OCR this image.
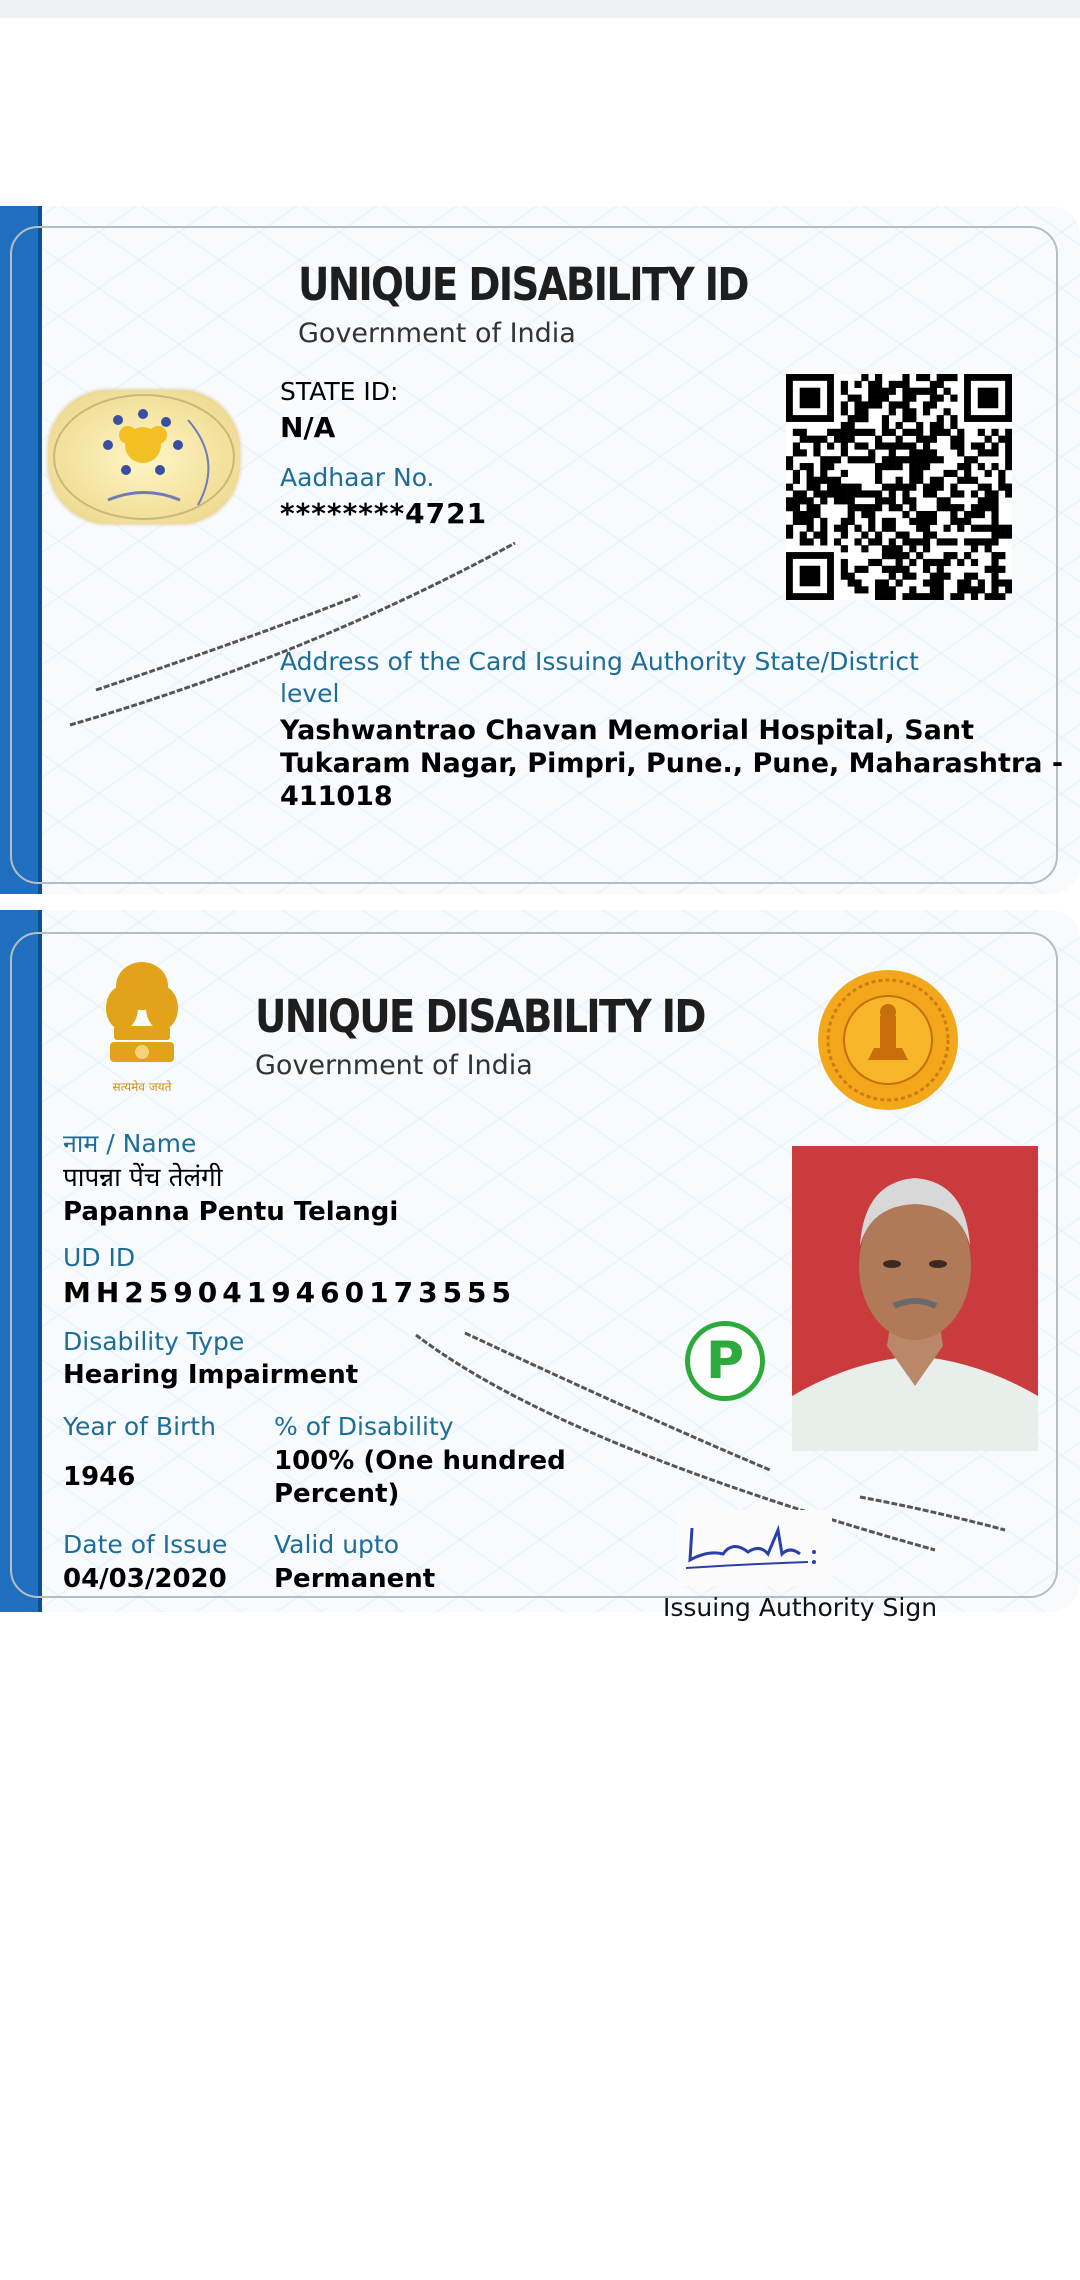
UNIQUE DISABILITY ID
Government of India
STATE ID:
N/A
Aadhaar No.
********4721
Address of the Card Issuing Authority State/District
level
Yashwantrao Chavan Memorial Hospital, Sant
Tukaram Nagar, Pimpri, Pune., Pune, Maharashtra -
411018
सत्यमेव जयते
UNIQUE DISABILITY ID
Government of India
नाम / Name
पापन्ना पेंच तेलंगी
Papanna Pentu Telangi
UD ID
MH2590419460173555
Disability Type
Hearing Impairment
Year of Birth
1946
% of Disability
100% (One hundred
Percent)
Date of Issue
04/03/2020
Valid upto
Permanent
P
Issuing Authority Sign
